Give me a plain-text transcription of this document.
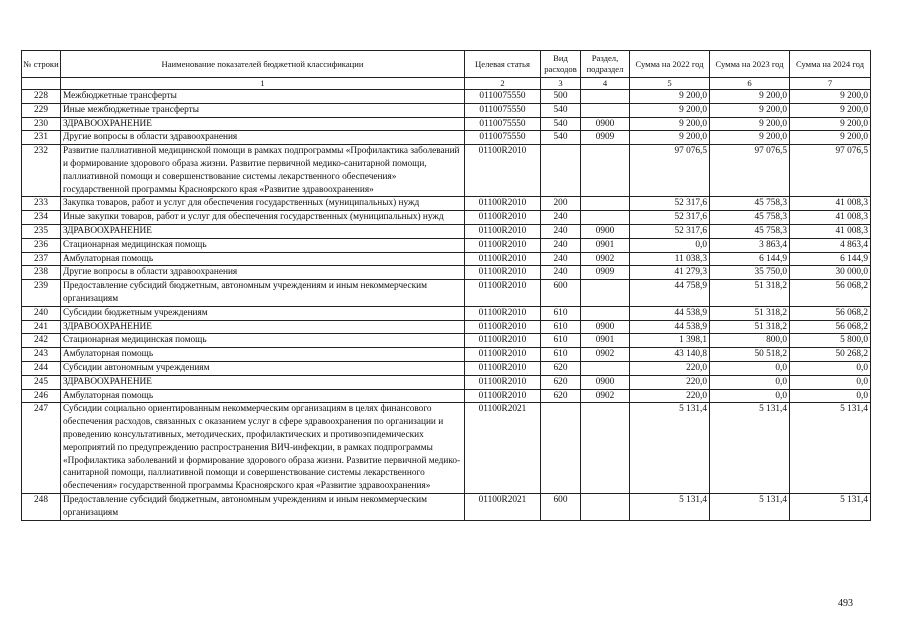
№ строки	Наименование показателей бюджетной классификации	Целевая статья	Вид расходов	Раздел, подраздел	Сумма на 2022 год	Сумма на 2023 год	Сумма на 2024 год
	1	2	3	4	5	6	7
228	Межбюджетные трансферты	0110075550	500		9 200,0	9 200,0	9 200,0
229	Иные межбюджетные трансферты	0110075550	540		9 200,0	9 200,0	9 200,0
230	ЗДРАВООХРАНЕНИЕ	0110075550	540	0900	9 200,0	9 200,0	9 200,0
231	Другие вопросы в области здравоохранения	0110075550	540	0909	9 200,0	9 200,0	9 200,0
232	Развитие паллиативной медицинской помощи в рамках подпрограммы «Профилактика заболеваний и формирование здорового образа жизни. Развитие первичной медико-санитарной помощи, паллиативной помощи и совершенствование системы лекарственного обеспечения» государственной программы Красноярского края «Развитие здравоохранения»	01100R2010			97 076,5	97 076,5	97 076,5
233	Закупка товаров, работ и услуг для обеспечения государственных (муниципальных) нужд	01100R2010	200		52 317,6	45 758,3	41 008,3
234	Иные закупки товаров, работ и услуг для обеспечения государственных (муниципальных) нужд	01100R2010	240		52 317,6	45 758,3	41 008,3
235	ЗДРАВООХРАНЕНИЕ	01100R2010	240	0900	52 317,6	45 758,3	41 008,3
236	Стационарная медицинская помощь	01100R2010	240	0901	0,0	3 863,4	4 863,4
237	Амбулаторная помощь	01100R2010	240	0902	11 038,3	6 144,9	6 144,9
238	Другие вопросы в области здравоохранения	01100R2010	240	0909	41 279,3	35 750,0	30 000,0
239	Предоставление субсидий бюджетным, автономным учреждениям и иным некоммерческим организациям	01100R2010	600		44 758,9	51 318,2	56 068,2
240	Субсидии бюджетным учреждениям	01100R2010	610		44 538,9	51 318,2	56 068,2
241	ЗДРАВООХРАНЕНИЕ	01100R2010	610	0900	44 538,9	51 318,2	56 068,2
242	Стационарная медицинская помощь	01100R2010	610	0901	1 398,1	800,0	5 800,0
243	Амбулаторная помощь	01100R2010	610	0902	43 140,8	50 518,2	50 268,2
244	Субсидии автономным учреждениям	01100R2010	620		220,0	0,0	0,0
245	ЗДРАВООХРАНЕНИЕ	01100R2010	620	0900	220,0	0,0	0,0
246	Амбулаторная помощь	01100R2010	620	0902	220,0	0,0	0,0
247	Субсидии социально ориентированным некоммерческим организациям в целях финансового обеспечения расходов, связанных с оказанием услуг в сфере здравоохранения по организации и проведению консультативных, методических, профилактических и противоэпидемических мероприятий по предупреждению распространения ВИЧ-инфекции, в рамках подпрограммы «Профилактика заболеваний и формирование здорового образа жизни. Развитие первичной медико-санитарной помощи, паллиативной помощи и совершенствование системы лекарственного обеспечения» государственной программы Красноярского края «Развитие здравоохранения»	01100R2021			5 131,4	5 131,4	5 131,4
248	Предоставление субсидий бюджетным, автономным учреждениям и иным некоммерческим организациям	01100R2021	600		5 131,4	5 131,4	5 131,4
493
